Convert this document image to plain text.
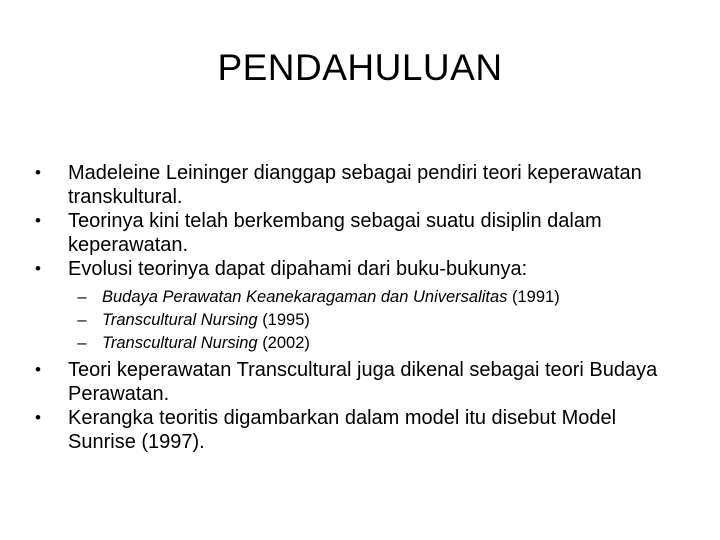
PENDAHULUAN
•	Madeleine Leininger dianggap sebagai pendiri teori keperawatan transkultural.
•	Teorinya kini telah berkembang sebagai suatu disiplin dalam keperawatan.
•	Evolusi teorinya dapat dipahami dari buku-bukunya:
– Budaya Perawatan Keanekaragaman dan Universalitas (1991)
– Transcultural Nursing (1995)
– Transcultural Nursing (2002)
•	Teori keperawatan Transcultural juga dikenal sebagai teori Budaya Perawatan.
•	Kerangka teoritis digambarkan dalam model itu disebut Model Sunrise (1997).
